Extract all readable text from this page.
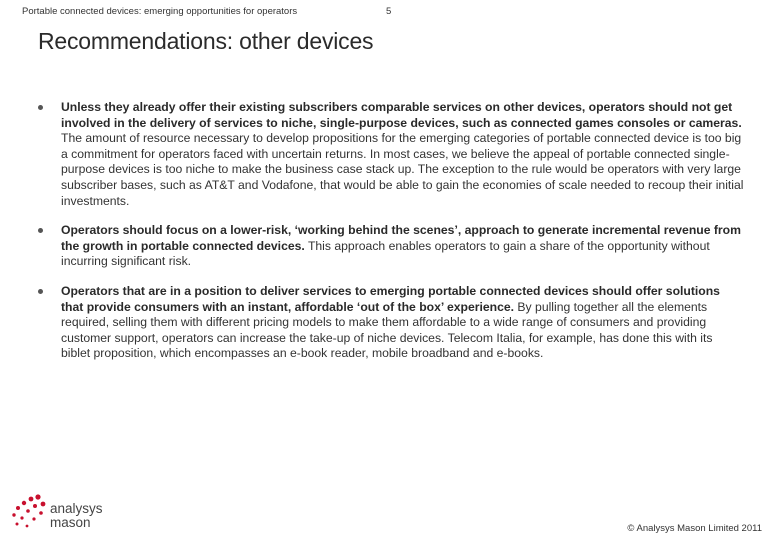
Portable connected devices: emerging opportunities for operators	5
Recommendations: other devices
Unless they already offer their existing subscribers comparable services on other devices, operators should not get involved in the delivery of services to niche, single-purpose devices, such as connected games consoles or cameras. The amount of resource necessary to develop propositions for the emerging categories of portable connected device is too big a commitment for operators faced with uncertain returns. In most cases, we believe the appeal of portable connected single-purpose devices is too niche to make the business case stack up. The exception to the rule would be operators with very large subscriber bases, such as AT&T and Vodafone, that would be able to gain the economies of scale needed to recoup their initial investments.
Operators should focus on a lower-risk, ‘working behind the scenes’, approach to generate incremental revenue from the growth in portable connected devices. This approach enables operators to gain a share of the opportunity without incurring significant risk.
Operators that are in a position to deliver services to emerging portable connected devices should offer solutions that provide consumers with an instant, affordable ‘out of the box’ experience. By pulling together all the elements required, selling them with different pricing models to make them affordable to a wide range of consumers and providing customer support, operators can increase the take-up of niche devices. Telecom Italia, for example, has done this with its biblet proposition, which encompasses an e-book reader, mobile broadband and e-books.
analysys
mason	© Analysys Mason Limited 2011
